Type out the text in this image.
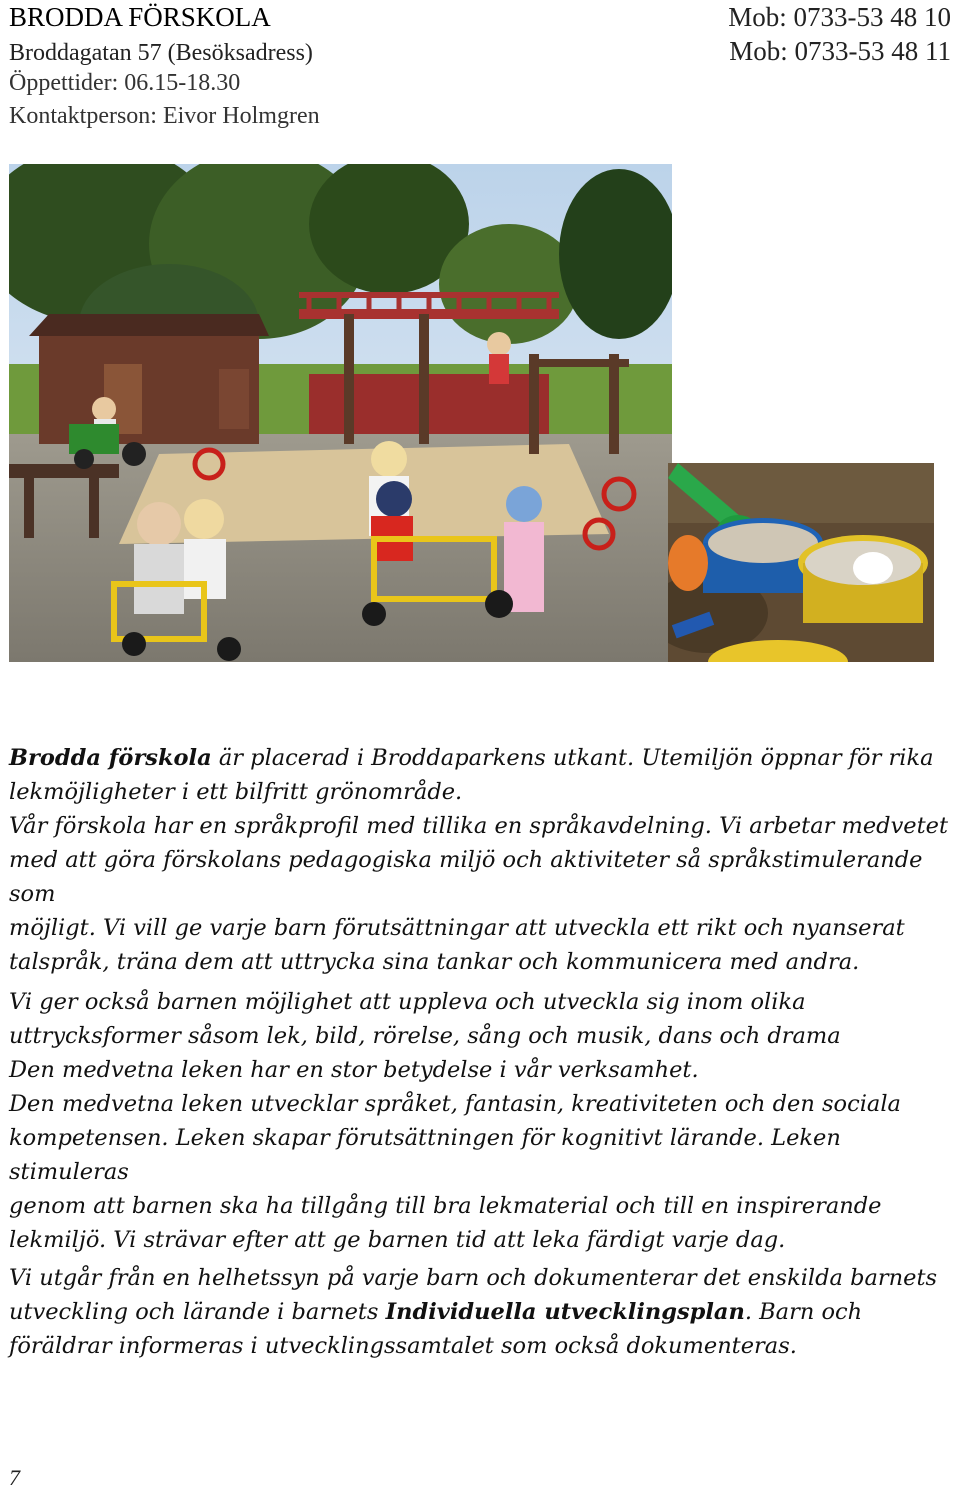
BRODDA FÖRSKOLA	Mob: 0733-53 48 10
Broddagatan 57 (Besöksadress)	Mob: 0733-53 48 11
Öppettider: 06.15-18.30
Kontaktperson: Eivor Holmgren

Brodda förskola är placerad i Broddaparkens utkant. Utemiljön öppnar för rika

lekmöjligheter i ett bilfritt grönområde.

Vår förskola har en språkprofil med tillika en språkavdelning. Vi arbetar medvetet

med att göra förskolans pedagogiska miljö och aktiviteter så språkstimulerande som

möjligt. Vi vill ge varje barn förutsättningar att utveckla ett rikt och nyanserat

talspråk, träna dem att uttrycka sina tankar och kommunicera med andra.

Vi ger också barnen möjlighet att uppleva och utveckla sig inom olika

uttrycksformer såsom lek, bild, rörelse, sång och musik, dans och drama

Den medvetna leken har en stor betydelse i vår verksamhet.

Den medvetna leken utvecklar språket, fantasin, kreativiteten och den sociala

kompetensen. Leken skapar förutsättningen för kognitivt lärande. Leken stimuleras

genom att barnen ska ha tillgång till bra lekmaterial och till en inspirerande

lekmiljö. Vi strävar efter att ge barnen tid att leka färdigt varje dag.

Vi utgår från en helhetssyn på varje barn och dokumenterar det enskilda barnets

utveckling och lärande i barnets Individuella utvecklingsplan. Barn och

föräldrar informeras i utvecklingssamtalet som också dokumenteras.

7
